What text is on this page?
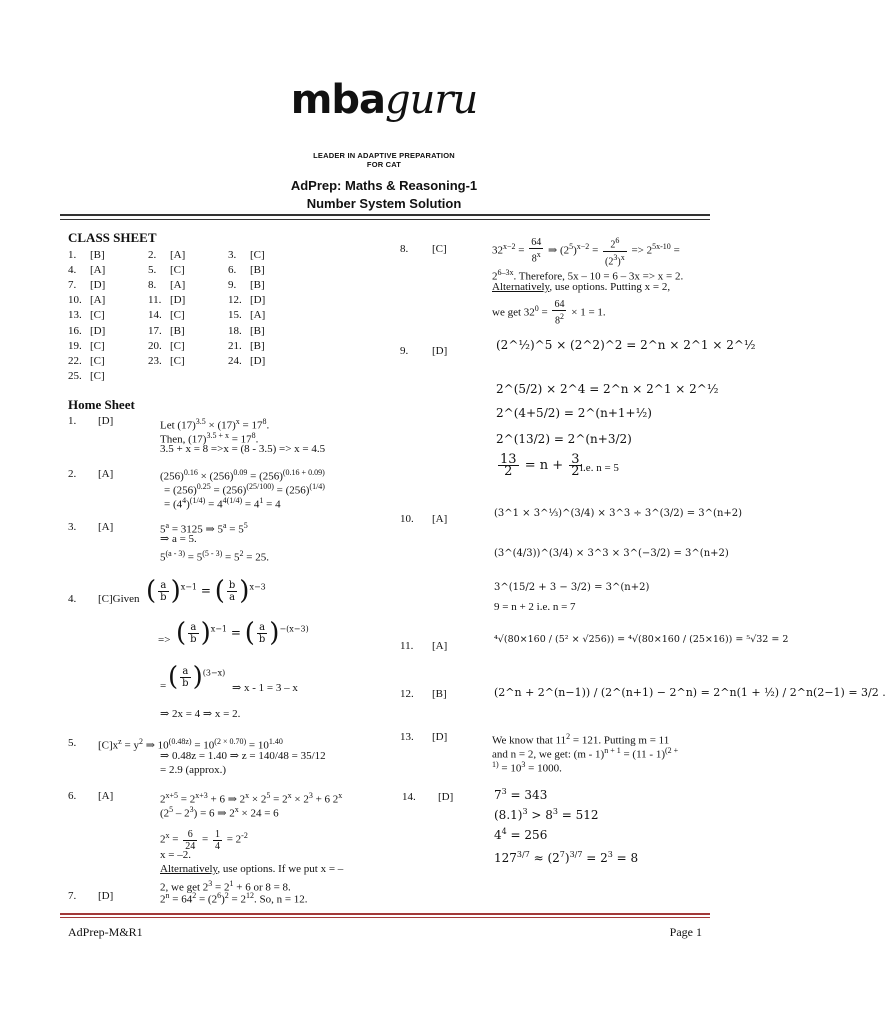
mbaguru
LEADER IN ADAPTIVE PREPARATION
FOR CAT
AdPrep: Maths & Reasoning-1
Number System Solution
CLASS SHEET
1.	[B]	2.	[A]	3.	[C]
4.	[A]	5.	[C]	6.	[B]
7.	[D]	8.	[A]	9.	[B]
10. [A]	11. [D]	12. [D]
13. [C]	14. [C]	15. [A]
16. [D]	17. [B]	18. [B]
19. [C]	20. [C]	21. [B]
22. [C]	23. [C]	24. [D]
25. [C]
Home Sheet
1. [D]	Let $(17)^{3.5} \times (17)^x = 17^8$.
Then, $(17)^{3.5 + x} = 17^8$.
3.5 + x = 8 =>x = (8 - 3.5) => x = 4.5
2. [A]	$(256)^{0.16} \times (256)^{0.09} = (256)^{(0.16 + 0.09)}$
= $(256)^{0.25} = (256)^{(25/100)} = (256)^{(1/4)}$
= $(4^4)^{(1/4)} = 4^{4(1/4)} = 4^1 = 4$
3. [A]	$5^a = 3125$ ⇒ $5^a = 5^5$
⇒ a = 5.
$5^{(a - 3)} = 5^{(5 - 3)} = 5^2 = 25$.
4. [C]Given ( $\frac{a}{b} )^{x-1}$ = ( $\frac{b}{a} )^{x-3}$
=> ( $\frac{a}{b} )^{x-1}$ = ( $\frac{a}{b} )^{-(x-3)}$
= ( $\frac{a}{b} )^{(3-x)}$
⇒ x - 1 = 3 – x
⇒ 2x = 4 ⇒ x = 2.
5. $[C]x^z = y^2$ ⇒ $10^{(0.48z)} = 10^{(2 \times 0.70)} = 10^{1.40}$
⇒ 0.48z = 1.40 ⇒ z = 140/48 = 35/12
= 2.9 (approx.)
6. [A]	$2^{x+5} = 2^{x+3} + 6$ ⇒ $2^x \times 2^5 = 2^x \times 2^3 + 6$ 2$^x$
$(2^5 - 2^3) = 6$ ⇒ $2^x \times 24 = 6$
$2^x = \frac{6}{24} = \frac{1}{4} = 2^{-2}$
x = –2.
Alternatively, use options. If we put x = –
2, we get $2^3 = 2^1 + 6$ or 8 = 8.
7. [D]	$2^n = 64^2 = (2^6)^2 = 2^{12}$. So, n = 12.
8. [C]	$32^{x-2} = \frac{64}{8^x}$ ⇒ $(2^5)^{x-2} = \frac{2^6}{(2^3)^x} => 2^{5x-10}$ =
$2^{6-3x}$. Therefore, 5x – 10 = 6 – 3x => x = 2.
Alternatively, use options. Putting x = 2,
we get $32^0 = \frac{64}{8^2} \times 1 = 1$.
9. [D]	(2^½)^5 × (2^2)^2 = 2^n × 2^1 × 2^½
2^(5/2) × 2^4 = 2^n × 2^1 × 2^½
2^(4+5/2) = 2^(n+1+½)
2^(13/2) = 2^(n+3/2)
$\frac{13}{2} = n + \frac{3}{2}$
i.e. n = 5
10. [A]	(3^1 × 3^⅓)^(3/4) × 3^3 ÷ 3^(3/2) = 3^(n+2)
(3^(4/3))^(3/4) × 3^3 × 3^(−3/2) = 3^(n+2)
3^(15/2 + 3 − 3/2) = 3^(n+2)
9 = n + 2 i.e. n = 7
11. [A]
⁴√(80×160 / (5² × √256)) = ⁴√(80×160 / (25×16)) = ⁵√32 = 2
12. [B]	(2^n + 2^(n−1)) / (2^(n+1) − 2^n) = 2^n(1 + ½) / 2^n(2−1) = 3/2 .
13. [D]	We know that $11^2 = 121$. Putting m = 11
and n = 2, we get: (m - 1)$^{n + 1}$ = (11 - 1)$^{(2 +}$
$^{1)} = 10^3 = 1000$.
14. [D]	$7^3 = 343$
$(8.1)^3 > 8^3 = 512$
$4^4 = 256$
$127^{3/7} \approx (2^7)^{3/7} = 2^3 = 8$
AdPrep-M&R1	Page 1
